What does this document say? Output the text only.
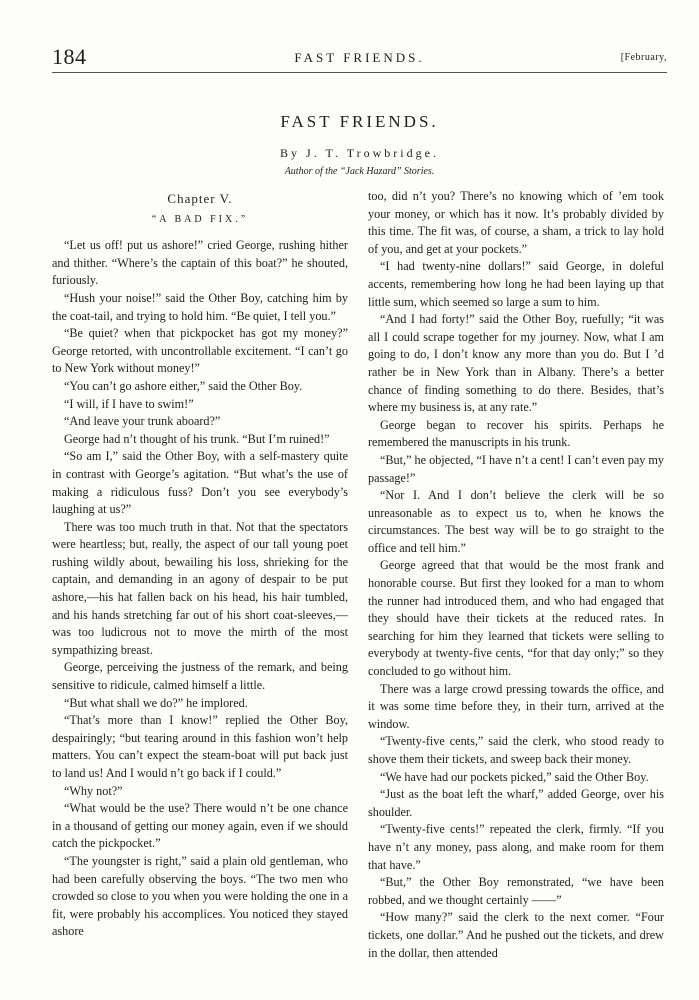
184	FAST FRIENDS.	[February,
FAST FRIENDS.
By J. T. Trowbridge.
Author of the “Jack Hazard” Stories.
Chapter V.
“A BAD FIX.”

“Let us off! put us ashore!” cried George, rushing hither and thither. “Where’s the captain of this boat?” he shouted, furiously.

“Hush your noise!” said the Other Boy, catching him by the coat-tail, and trying to hold him. “Be quiet, I tell you.”

“Be quiet? when that pickpocket has got my money?” George retorted, with uncontrollable excitement. “I can’t go to New York without money!”

“You can’t go ashore either,” said the Other Boy.

“I will, if I have to swim!”

“And leave your trunk aboard?”

George had n’t thought of his trunk. “But I’m ruined!”

“So am I,” said the Other Boy, with a self-mastery quite in contrast with George’s agitation. “But what’s the use of making a ridiculous fuss? Don’t you see everybody’s laughing at us?”

There was too much truth in that. Not that the spectators were heartless; but, really, the aspect of our tall young poet rushing wildly about, bewailing his loss, shrieking for the captain, and demanding in an agony of despair to be put ashore,—his hat fallen back on his head, his hair tumbled, and his hands stretching far out of his short coat-sleeves,—was too ludicrous not to move the mirth of the most sympathizing breast.

George, perceiving the justness of the remark, and being sensitive to ridicule, calmed himself a little.

“But what shall we do?” he implored.

“That’s more than I know!” replied the Other Boy, despairingly; “but tearing around in this fashion won’t help matters. You can’t expect the steam-boat will put back just to land us! And I would n’t go back if I could.”

“Why not?”

“What would be the use? There would n’t be one chance in a thousand of getting our money again, even if we should catch the pickpocket.”

“The youngster is right,” said a plain old gentleman, who had been carefully observing the boys. “The two men who crowded so close to you when you were holding the one in a fit, were probably his accomplices. You noticed they stayed ashore

too, did n’t you? There’s no knowing which of ’em took your money, or which has it now. It’s probably divided by this time. The fit was, of course, a sham, a trick to lay hold of you, and get at your pockets.”

“I had twenty-nine dollars!” said George, in doleful accents, remembering how long he had been laying up that little sum, which seemed so large a sum to him.

“And I had forty!” said the Other Boy, ruefully; “it was all I could scrape together for my journey. Now, what I am going to do, I don’t know any more than you do. But I ’d rather be in New York than in Albany. There’s a better chance of finding something to do there. Besides, that’s where my business is, at any rate.”

George began to recover his spirits. Perhaps he remembered the manuscripts in his trunk.

“But,” he objected, “I have n’t a cent! I can’t even pay my passage!”

“Nor I. And I don’t believe the clerk will be so unreasonable as to expect us to, when he knows the circumstances. The best way will be to go straight to the office and tell him.”

George agreed that that would be the most frank and honorable course. But first they looked for a man to whom the runner had introduced them, and who had engaged that they should have their tickets at the reduced rates. In searching for him they learned that tickets were selling to everybody at twenty-five cents, “for that day only;” so they concluded to go without him.

There was a large crowd pressing towards the office, and it was some time before they, in their turn, arrived at the window.

“Twenty-five cents,” said the clerk, who stood ready to shove them their tickets, and sweep back their money.

“We have had our pockets picked,” said the Other Boy.

“Just as the boat left the wharf,” added George, over his shoulder.

“Twenty-five cents!” repeated the clerk, firmly. “If you have n’t any money, pass along, and make room for them that have.”

“But,” the Other Boy remonstrated, “we have been robbed, and we thought certainly ——”

“How many?” said the clerk to the next comer. “Four tickets, one dollar.” And he pushed out the tickets, and drew in the dollar, then attended
